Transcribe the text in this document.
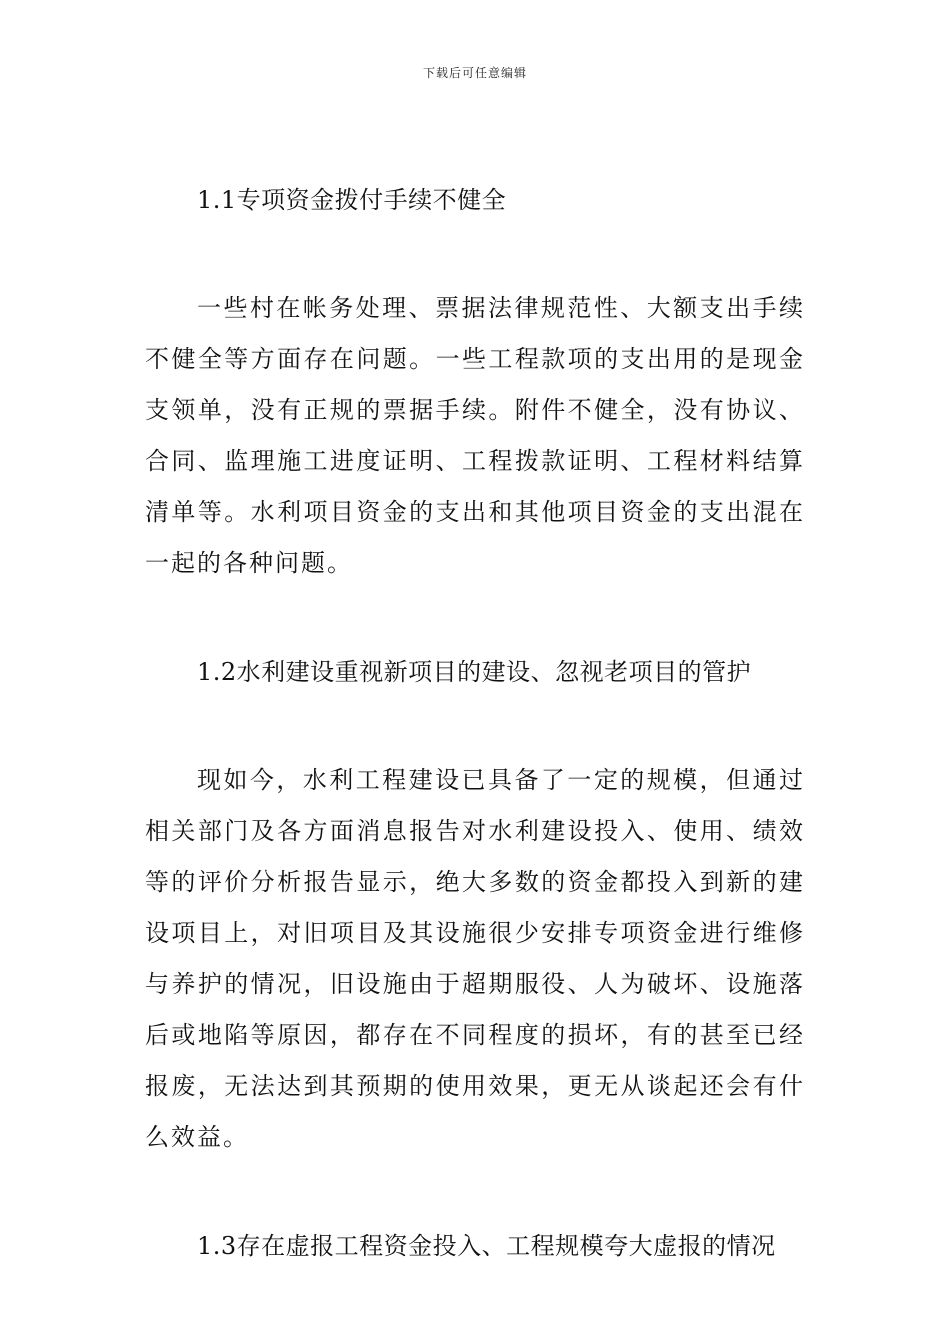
下载后可任意编辑
1.1专项资金拨付手续不健全

一些村在帐务处理、票据法律规范性、大额支出手续不健全等方面存在问题。一些工程款项的支出用的是现金支领单，没有正规的票据手续。附件不健全，没有协议、合同、监理施工进度证明、工程拨款证明、工程材料结算清单等。水利项目资金的支出和其他项目资金的支出混在一起的各种问题。

1.2水利建设重视新项目的建设、忽视老项目的管护

现如今，水利工程建设已具备了一定的规模，但通过相关部门及各方面消息报告对水利建设投入、使用、绩效等的评价分析报告显示，绝大多数的资金都投入到新的建设项目上，对旧项目及其设施很少安排专项资金进行维修与养护的情况，旧设施由于超期服役、人为破坏、设施落后或地陷等原因，都存在不同程度的损坏，有的甚至已经报废，无法达到其预期的使用效果，更无从谈起还会有什么效益。

1.3存在虚报工程资金投入、工程规模夸大虚报的情况
